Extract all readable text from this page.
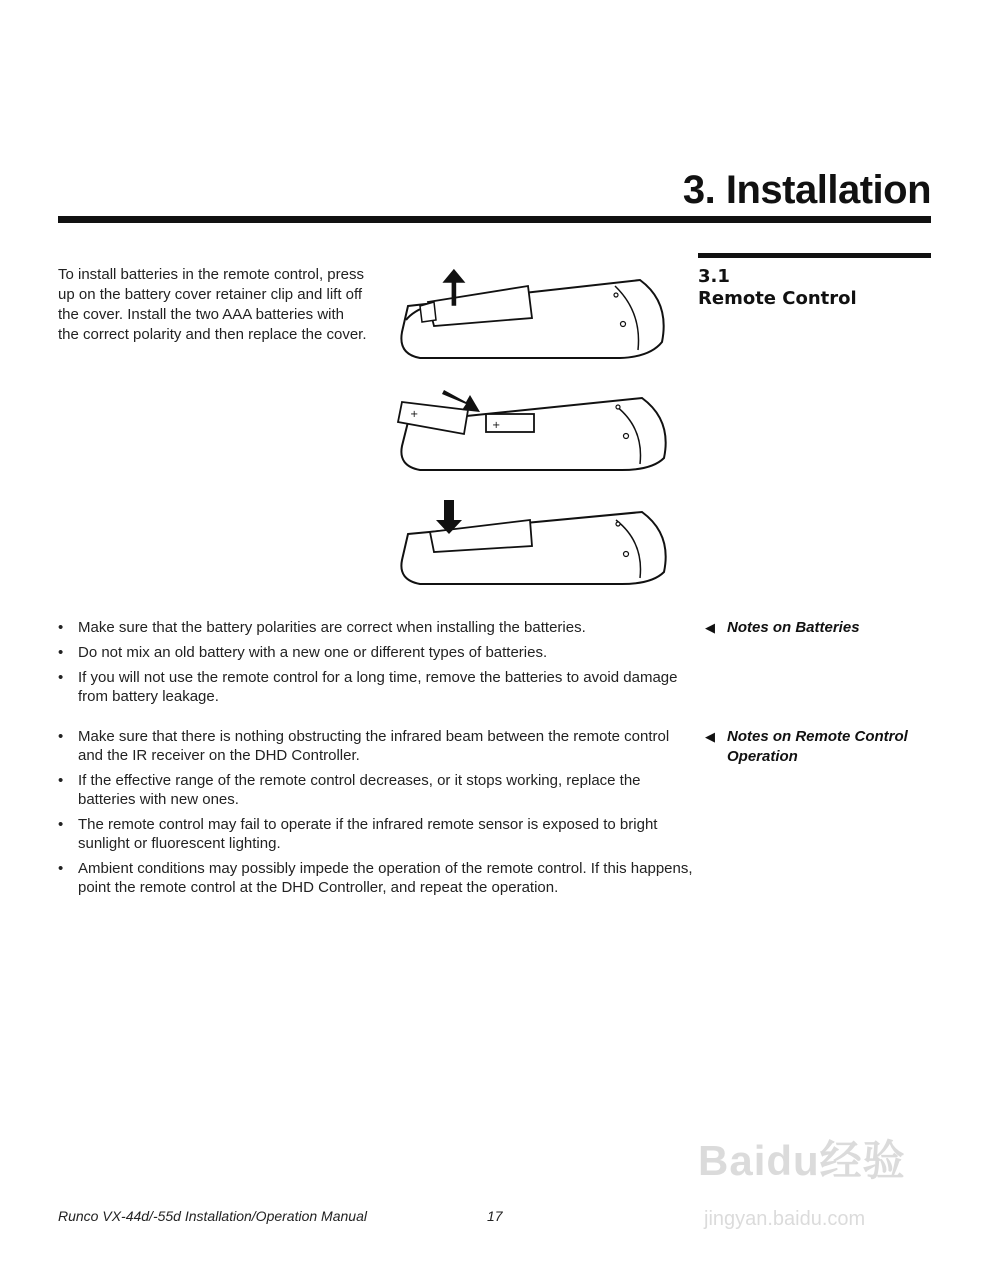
3. Installation
3.1
Remote Control
To install batteries in the remote control, press up on the battery cover retainer clip and lift off the cover. Install the two AAA batteries with the correct polarity and then replace the cover.
+
+
• Make sure that the battery polarities are correct when installing the batteries.
• Do not mix an old battery with a new one or different types of batteries.
• If you will not use the remote control for a long time, remove the batteries to avoid damage from battery leakage.
◀ Notes on Batteries
• Make sure that there is nothing obstructing the infrared beam between the remote control and the IR receiver on the DHD Controller.
• If the effective range of the remote control decreases, or it stops working, replace the batteries with new ones.
• The remote control may fail to operate if the infrared remote sensor is exposed to bright sunlight or fluorescent lighting.
• Ambient conditions may possibly impede the operation of the remote control. If this happens, point the remote control at the DHD Controller, and repeat the operation.
◀ Notes on Remote Control Operation
Runco VX-44d/-55d Installation/Operation Manual	17
Baidu经验
jingyan.baidu.com
